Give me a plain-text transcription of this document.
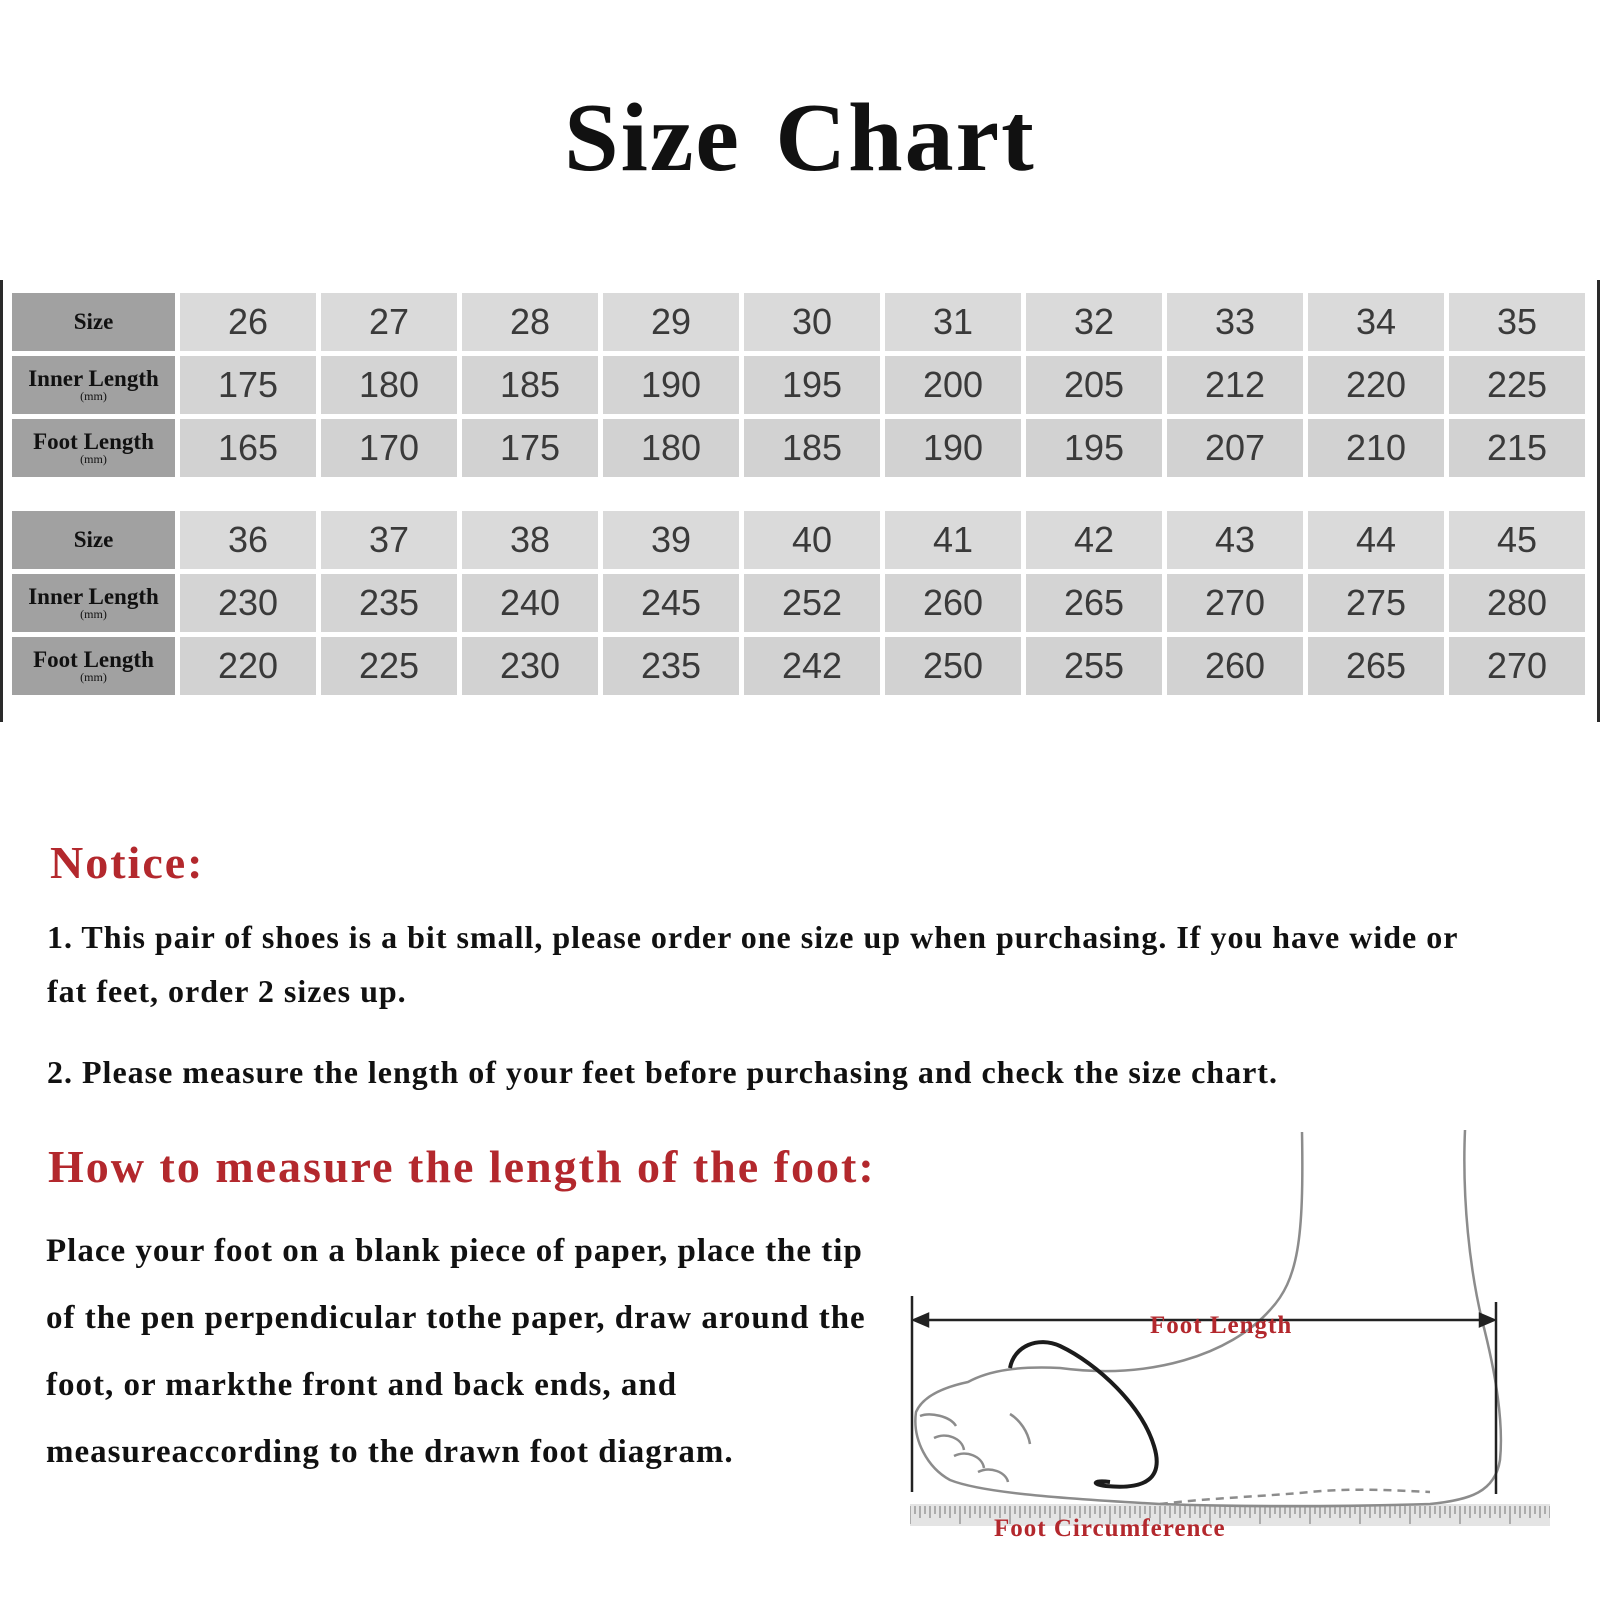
Size Chart
Size	26	27	28	29	30	31	32	33	34	35
Inner Length
(mm)	175	180	185	190	195	200	205	212	220	225
Foot Length
(mm)	165	170	175	180	185	190	195	207	210	215
Size	36	37	38	39	40	41	42	43	44	45
Inner Length
(mm)	230	235	240	245	252	260	265	270	275	280
Foot Length
(mm)	220	225	230	235	242	250	255	260	265	270
Notice:
1. This pair of shoes is a bit small, please order one size up when purchasing. If you have wide or fat feet, order 2 sizes up.
2. Please measure the length of your feet before purchasing and check the size chart.
How to measure the length of the foot:
Place your foot on a blank piece of paper, place the tip of the pen perpendicular tothe paper, draw around the foot, or markthe front and back ends, and measureaccording to the drawn foot diagram.
Foot Length
Foot Circumference
